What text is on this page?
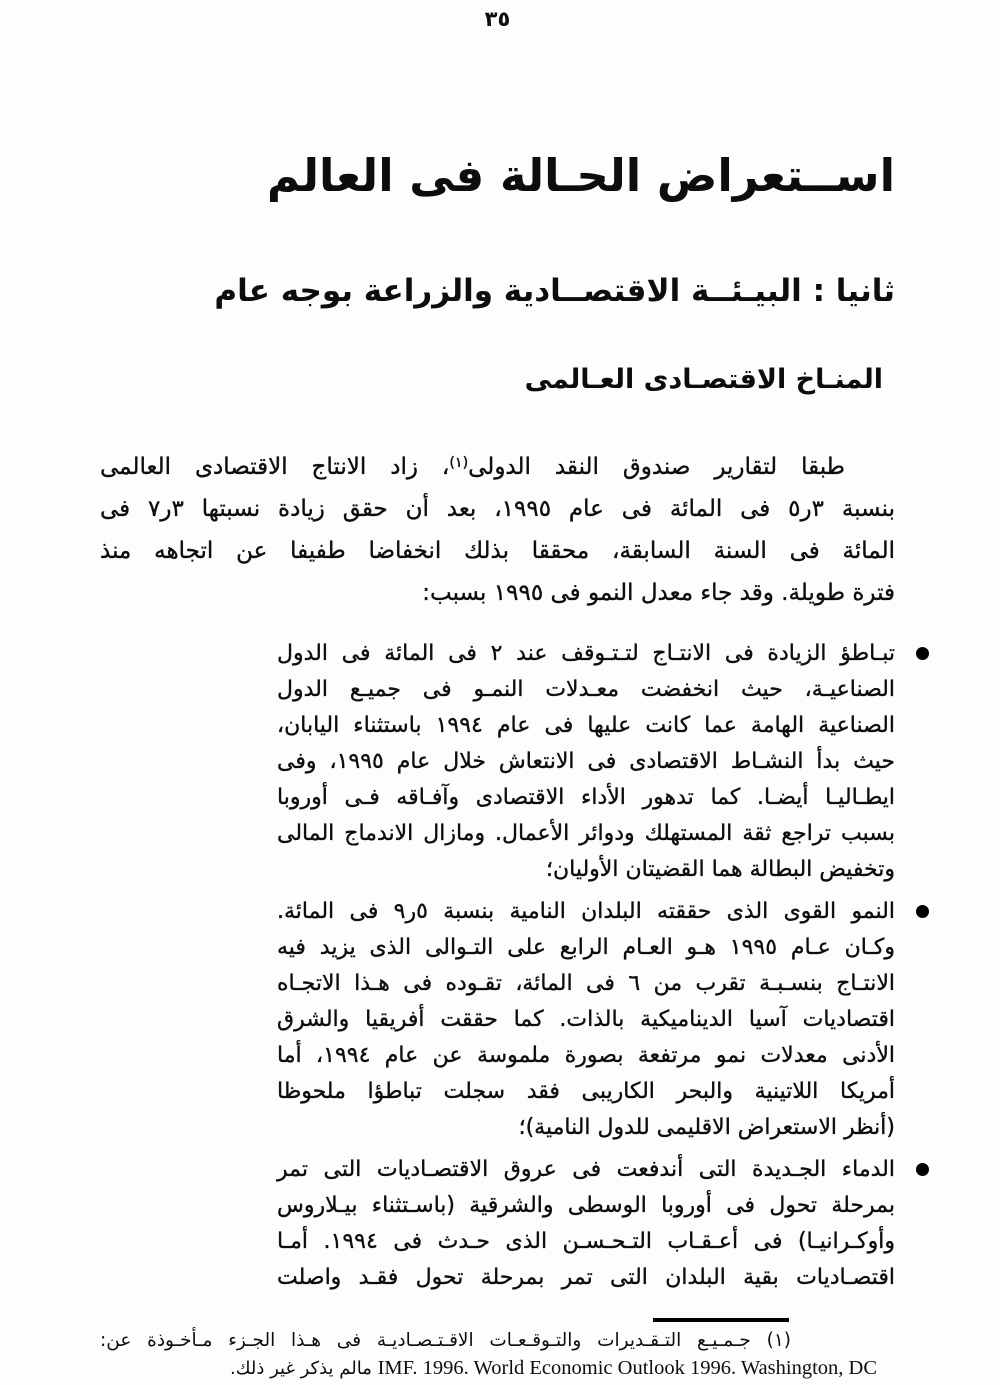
٣٥
اســتعراض الحـالة فى العالم
ثانيا : البيـئــة الاقتصــادية والزراعة بوجه عام
المنـاخ الاقتصـادى العـالمى
طبقا لتقارير صندوق النقد الدولى$^{(١)}$، زاد الانتاج الاقتصادى العالمى
بنسبة ٣ر٥ فى المائة فى عام ١٩٩٥، بعد أن حقق زيادة نسبتها ٣ر٧ فى
المائة فى السنة السابقة، محققا بذلك انخفاضا طفيفا عن اتجاهه منذ
فترة طويلة. وقد جاء معدل النمو فى ١٩٩٥ بسبب:
تبـاطؤ الزيادة فى الانتـاج لتـتـوقف عند ٢ فى المائة فى الدول
الصناعيـة، حيث انخفضت معـدلات النمـو فى جميـع الدول
الصناعية الهامة عما كانت عليها فى عام ١٩٩٤ باستثناء اليابان،
حيث بدأ النشـاط الاقتصادى فى الانتعاش خلال عام ١٩٩٥، وفى
ايطـاليـا أيضـا. كما تدهور الأداء الاقتصادى وآفـاقه فـى أوروبا
بسبب تراجع ثقة المستهلك ودوائر الأعمال. ومازال الاندماج المالى
وتخفيض البطالة هما القضيتان الأوليان؛
النمو القوى الذى حققته البلدان النامية بنسبة ٥ر٩ فى المائة.
وكـان عـام ١٩٩٥ هـو العـام الرابع على التـوالى الذى يزيد فيه
الانتـاج بنسـبـة تقرب من ٦ فى المائة، تقـوده فى هـذا الاتجـاه
اقتصاديات آسيا الديناميكية بالذات. كما حققت أفريقيا والشرق
الأدنى معدلات نمو مرتفعة بصورة ملموسة عن عام ١٩٩٤، أما
أمريكا اللاتينية والبحر الكاريبى فقد سجلت تباطؤا ملحوظا
(أنظر الاستعراض الاقليمى للدول النامية)؛
الدماء الجـديدة التى أندفعت فى عروق الاقتصـاديات التى تمر
بمرحلة تحول فى أوروبا الوسطى والشرقية (باسـتثناء بيـلاروس
وأوكـرانيـا) فى أعـقـاب التـحـسـن الذى حـدث فى ١٩٩٤. أمـا
اقتصـاديات بقية البلدان التى تمر بمرحلة تحول فقـد واصلت
(١) جـمـيـع التـقـديرات والتـوقـعـات الاقـتـصـاديـة فى هـذا الجـزء مـأخـوذة عن:
IMF. 1996. World Economic Outlook 1996. Washington, DC مالم يذكر غير ذلك.
